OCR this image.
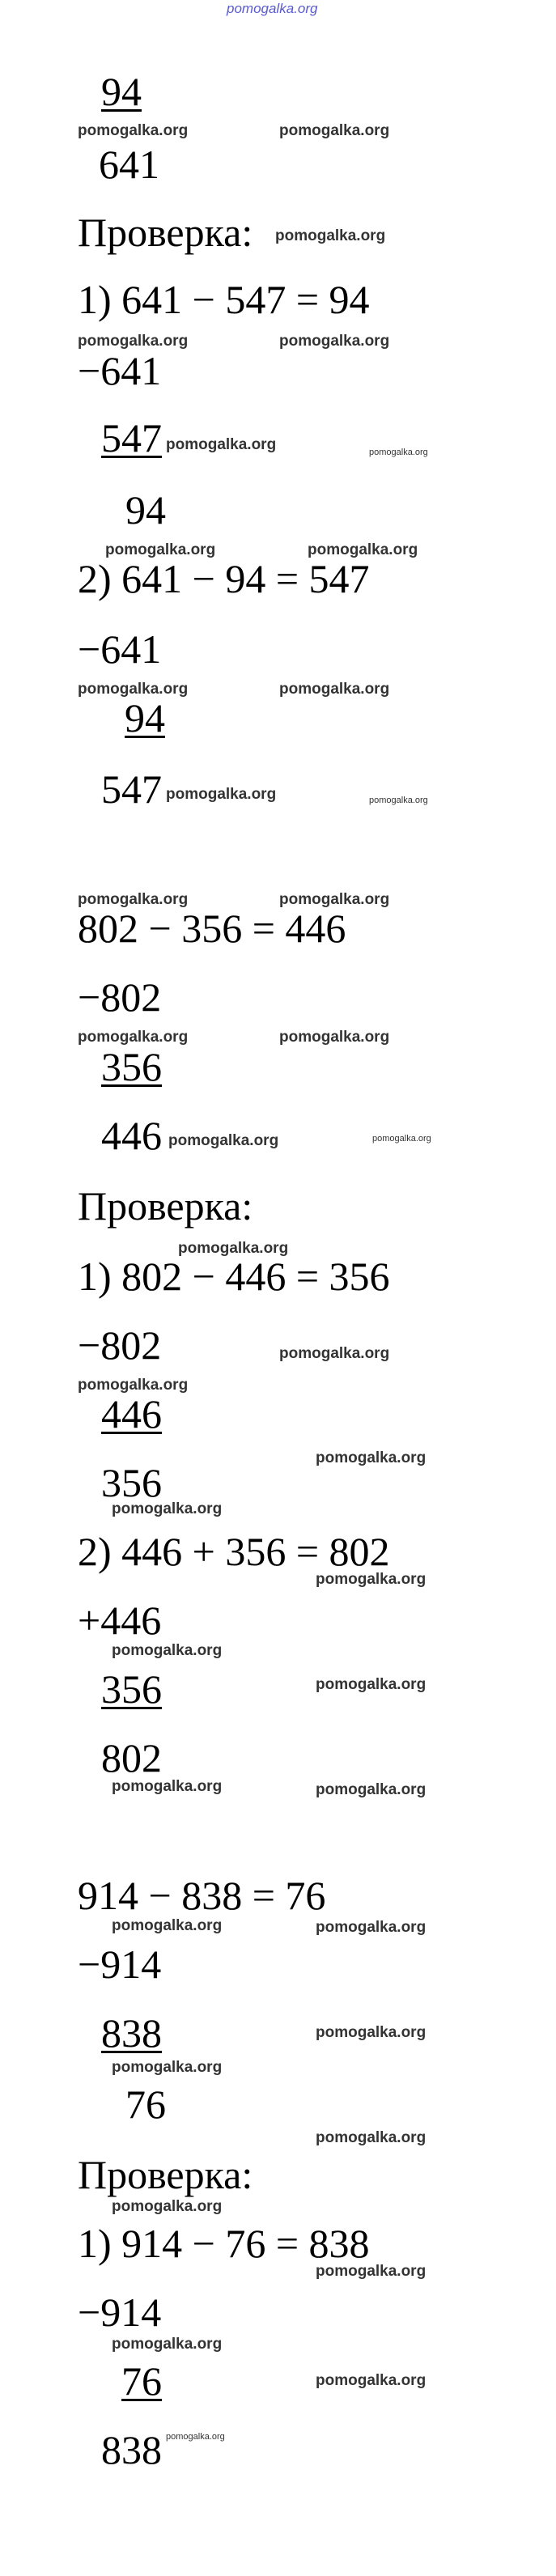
pomogalka.org
94
pomogalka.org	pomogalka.org
641
Проверка: pomogalka.org
1) 641 − 547 = 94
pomogalka.org	pomogalka.org
−641
547 pomogalka.org	pomogalka.org
94
pomogalka.org	pomogalka.org
2) 641 − 94 = 547
−641
pomogalka.org	pomogalka.org
94
547 pomogalka.org	pomogalka.org
pomogalka.org	pomogalka.org
802 − 356 = 446
−802
pomogalka.org	pomogalka.org
356
446 pomogalka.org	pomogalka.org
Проверка:
pomogalka.org
1) 802 − 446 = 356
−802	pomogalka.org
pomogalka.org
446
pomogalka.org
356
pomogalka.org
2) 446 + 356 = 802
pomogalka.org
+446
pomogalka.org
356	pomogalka.org
802
pomogalka.org	pomogalka.org
914 − 838 = 76
pomogalka.org	pomogalka.org
−914
838	pomogalka.org
pomogalka.org
76
pomogalka.org
Проверка:
pomogalka.org
1) 914 − 76 = 838
pomogalka.org
−914
pomogalka.org
76	pomogalka.org
838 pomogalka.org
